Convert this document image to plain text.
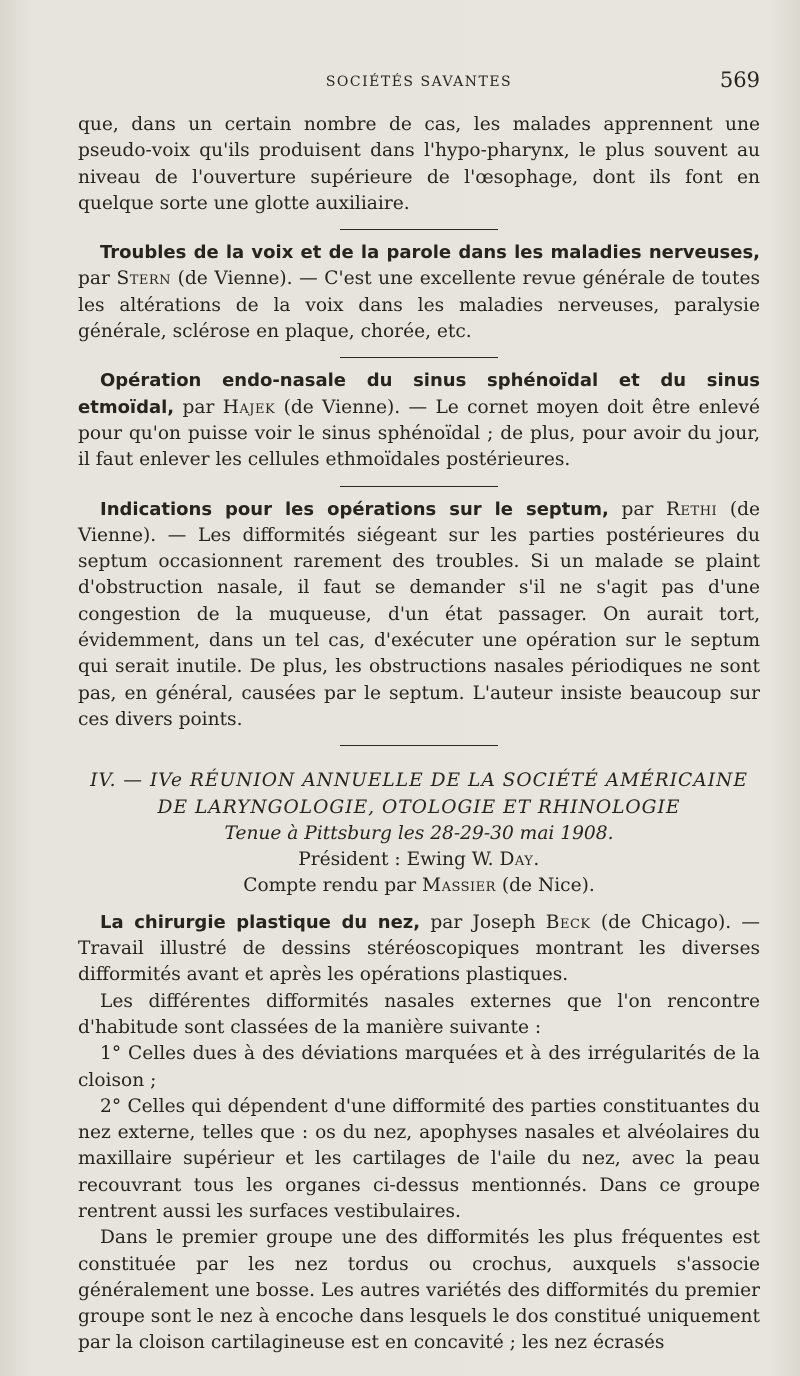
SOCIÉTÉS SAVANTES	569

que, dans un certain nombre de cas, les malades apprennent une pseudo-voix qu'ils produisent dans l'hypo-pharynx, le plus souvent au niveau de l'ouverture supérieure de l'œsophage, dont ils font en quelque sorte une glotte auxiliaire.

Troubles de la voix et de la parole dans les maladies nerveuses, par Stern (de Vienne). — C'est une excellente revue générale de toutes les altérations de la voix dans les maladies nerveuses, paralysie générale, sclérose en plaque, chorée, etc.

Opération endo-nasale du sinus sphénoïdal et du sinus etmoïdal, par Hajek (de Vienne). — Le cornet moyen doit être enlevé pour qu'on puisse voir le sinus sphénoïdal ; de plus, pour avoir du jour, il faut enlever les cellules ethmoïdales postérieures.

Indications pour les opérations sur le septum, par Rethi (de Vienne). — Les difformités siégeant sur les parties postérieures du septum occasionnent rarement des troubles. Si un malade se plaint d'obstruction nasale, il faut se demander s'il ne s'agit pas d'une congestion de la muqueuse, d'un état passager. On aurait tort, évidemment, dans un tel cas, d'exécuter une opération sur le septum qui serait inutile. De plus, les obstructions nasales périodiques ne sont pas, en général, causées par le septum. L'auteur insiste beaucoup sur ces divers points.

IV. — IVe RÉUNION ANNUELLE DE LA SOCIÉTÉ AMÉRICAINE

DE LARYNGOLOGIE, OTOLOGIE ET RHINOLOGIE

Tenue à Pittsburg les 28-29-30 mai 1908.

Président : Ewing W. Day.

Compte rendu par Massier (de Nice).

La chirurgie plastique du nez, par Joseph Beck (de Chicago). — Travail illustré de dessins stéréoscopiques montrant les diverses difformités avant et après les opérations plastiques.

Les différentes difformités nasales externes que l'on rencontre d'habitude sont classées de la manière suivante :

1° Celles dues à des déviations marquées et à des irrégularités de la cloison ;

2° Celles qui dépendent d'une difformité des parties constituantes du nez externe, telles que : os du nez, apophyses nasales et alvéolaires du maxillaire supérieur et les cartilages de l'aile du nez, avec la peau recouvrant tous les organes ci-dessus mentionnés. Dans ce groupe rentrent aussi les surfaces vestibulaires.

Dans le premier groupe une des difformités les plus fréquentes est constituée par les nez tordus ou crochus, auxquels s'associe généralement une bosse. Les autres variétés des difformités du premier groupe sont le nez à encoche dans lesquels le dos constitué uniquement par la cloison cartilagineuse est en concavité ; les nez écrasés
